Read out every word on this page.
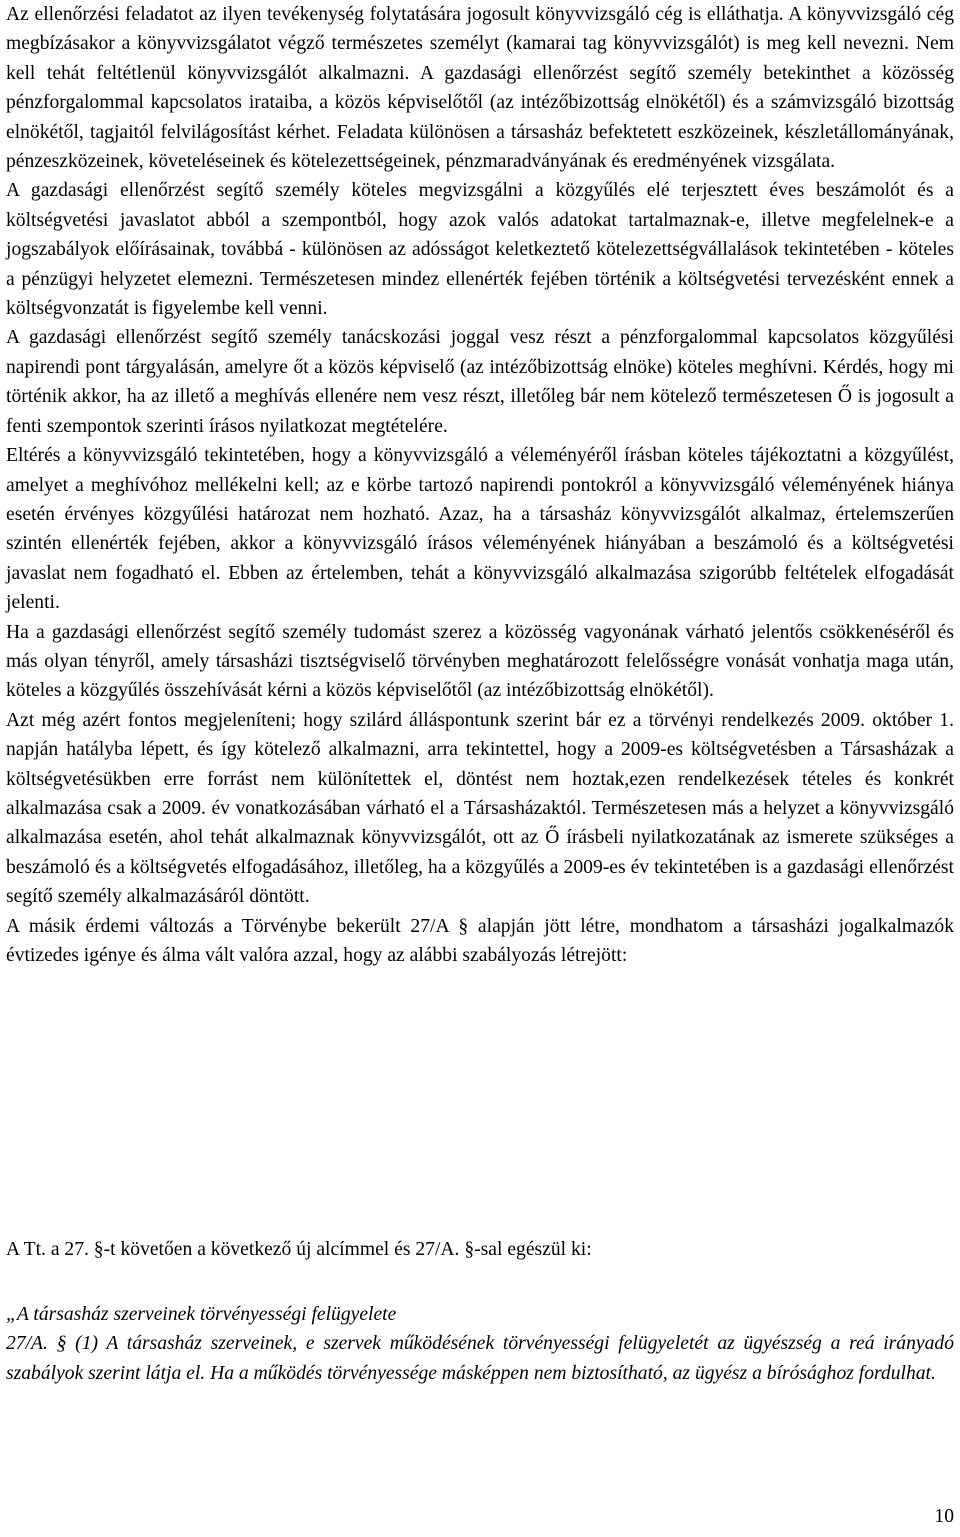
Az ellenőrzési feladatot az ilyen tevékenység folytatására jogosult könyvvizsgáló cég is elláthatja. A könyvvizsgáló cég megbízásakor a könyvvizsgálatot végző természetes személyt (kamarai tag könyvvizsgálót) is meg kell nevezni. Nem kell tehát feltétlenül könyvvizsgálót alkalmazni. A gazdasági ellenőrzést segítő személy betekinthet a közösség pénzforgalommal kapcsolatos irataiba, a közös képviselőtől (az intézőbizottság elnökétől) és a számvizsgáló bizottság elnökétől, tagjaitól felvilágosítást kérhet. Feladata különösen a társasház befektetett eszközeinek, készletállományának, pénzeszközeinek, követeléseinek és kötelezettségeinek, pénzmaradványának és eredményének vizsgálata.

A gazdasági ellenőrzést segítő személy köteles megvizsgálni a közgyűlés elé terjesztett éves beszámolót és a költségvetési javaslatot abból a szempontból, hogy azok valós adatokat tartalmaznak-e, illetve megfelelnek-e a jogszabályok előírásainak, továbbá - különösen az adósságot keletkeztető kötelezettségvállalások tekintetében - köteles a pénzügyi helyzetet elemezni. Természetesen mindez ellenérték fejében történik a költségvetési tervezésként ennek a költségvonzatát is figyelembe kell venni.

A gazdasági ellenőrzést segítő személy tanácskozási joggal vesz részt a pénzforgalommal kapcsolatos közgyűlési napirendi pont tárgyalásán, amelyre őt a közös képviselő (az intézőbizottság elnöke) köteles meghívni. Kérdés, hogy mi történik akkor, ha az illető a meghívás ellenére nem vesz részt, illetőleg bár nem kötelező természetesen Ő is jogosult a fenti szempontok szerinti írásos nyilatkozat megtételére.

Eltérés a könyvvizsgáló tekintetében, hogy a könyvvizsgáló a véleményéről írásban köteles tájékoztatni a közgyűlést, amelyet a meghívóhoz mellékelni kell; az e körbe tartozó napirendi pontokról a könyvvizsgáló véleményének hiánya esetén érvényes közgyűlési határozat nem hozható. Azaz, ha a társasház könyvvizsgálót alkalmaz, értelemszerűen szintén ellenérték fejében, akkor a könyvvizsgáló írásos véleményének hiányában a beszámoló és a költségvetési javaslat nem fogadható el. Ebben az értelemben, tehát a könyvvizsgáló alkalmazása szigorúbb feltételek elfogadását jelenti.

Ha a gazdasági ellenőrzést segítő személy tudomást szerez a közösség vagyonának várható jelentős csökkenéséről és más olyan tényről, amely társasházi tisztségviselő törvényben meghatározott felelősségre vonását vonhatja maga után, köteles a közgyűlés összehívását kérni a közös képviselőtől (az intézőbizottság elnökétől).

Azt még azért fontos megjeleníteni; hogy szilárd álláspontunk szerint bár ez a törvényi rendelkezés 2009. október 1. napján hatályba lépett, és így kötelező alkalmazni, arra tekintettel, hogy a 2009-es költségvetésben a Társasházak a költségvetésükben erre forrást nem különítettek el, döntést nem hoztak,ezen rendelkezések tételes és konkrét alkalmazása csak a 2009. év vonatkozásában várható el a Társasházaktól. Természetesen más a helyzet a könyvvizsgáló alkalmazása esetén, ahol tehát alkalmaznak könyvvizsgálót, ott az Ő írásbeli nyilatkozatának az ismerete szükséges a beszámoló és a költségvetés elfogadásához, illetőleg, ha a közgyűlés a 2009-es év tekintetében is a gazdasági ellenőrzést segítő személy alkalmazásáról döntött.

A másik érdemi változás a Törvénybe bekerült 27/A § alapján jött létre, mondhatom a társasházi jogalkalmazók évtizedes igénye és álma vált valóra azzal, hogy az alábbi szabályozás létrejött:

A Tt. a 27. §-t követően a következő új alcímmel és 27/A. §-sal egészül ki:

„A társasház szerveinek törvényességi felügyelete

27/A. § (1) A társasház szerveinek, e szervek működésének törvényességi felügyeletét az ügyészség a reá irányadó szabályok szerint látja el. Ha a működés törvényessége másképpen nem biztosítható, az ügyész a bírósághoz fordulhat.

10
